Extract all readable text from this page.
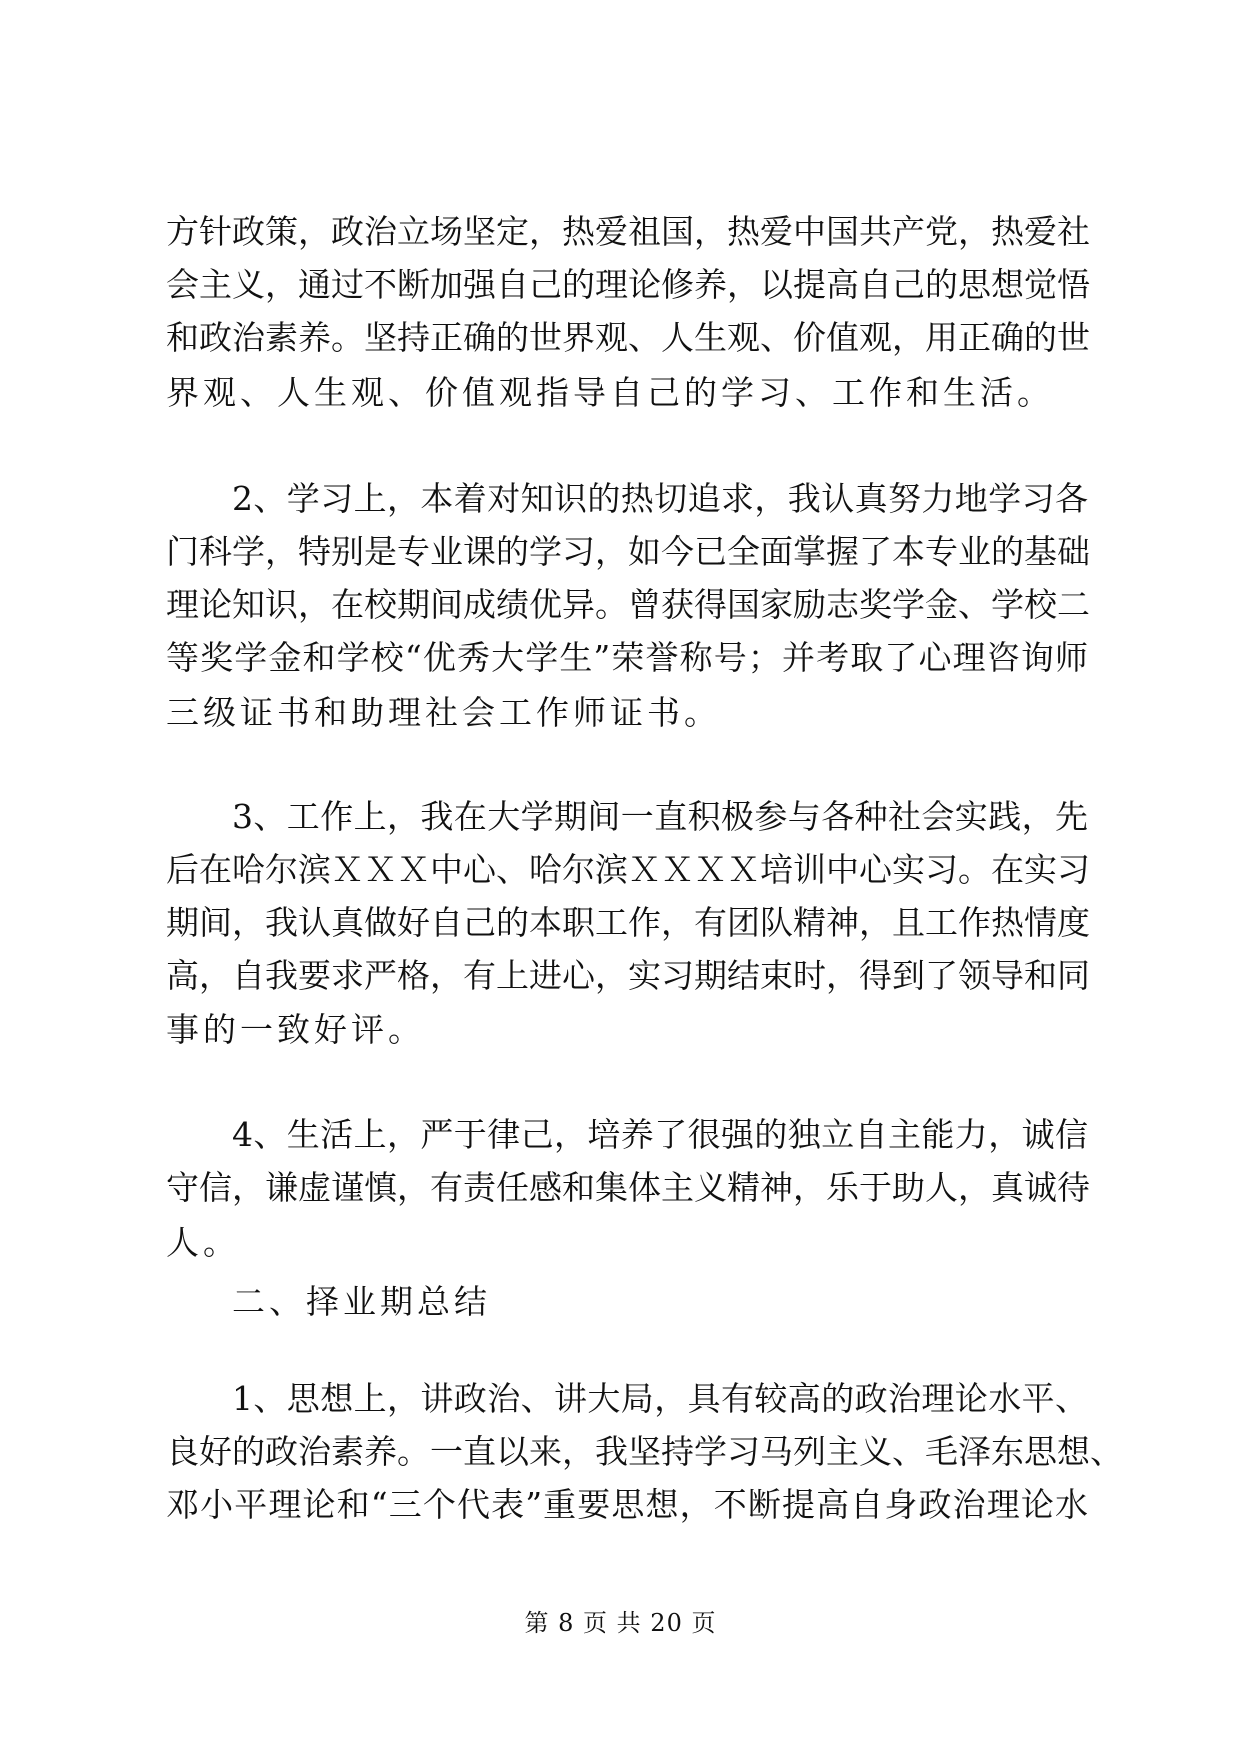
方针政策，政治立场坚定，热爱祖国，热爱中国共产党，热爱社
会主义，通过不断加强自己的理论修养，以提高自己的思想觉悟
和政治素养。坚持正确的世界观、人生观、价值观，用正确的世
界观、人生观、价值观指导自己的学习、工作和生活。
2、学习上，本着对知识的热切追求，我认真努力地学习各
门科学，特别是专业课的学习，如今已全面掌握了本专业的基础
理论知识，在校期间成绩优异。曾获得国家励志奖学金、学校二
等奖学金和学校“优秀大学生”荣誉称号；并考取了心理咨询师
三级证书和助理社会工作师证书。
3、工作上，我在大学期间一直积极参与各种社会实践，先
后在哈尔滨ＸＸＸ中心、哈尔滨ＸＸＸＸ培训中心实习。在实习
期间，我认真做好自己的本职工作，有团队精神，且工作热情度
高，自我要求严格，有上进心，实习期结束时，得到了领导和同
事的一致好评。
4、生活上，严于律己，培养了很强的独立自主能力，诚信
守信，谦虚谨慎，有责任感和集体主义精神，乐于助人，真诚待
人。
二、择业期总结
1、思想上，讲政治、讲大局，具有较高的政治理论水平、
良好的政治素养。一直以来，我坚持学习马列主义、毛泽东思想、
邓小平理论和“三个代表”重要思想，不断提高自身政治理论水
第 8 页 共 20 页
